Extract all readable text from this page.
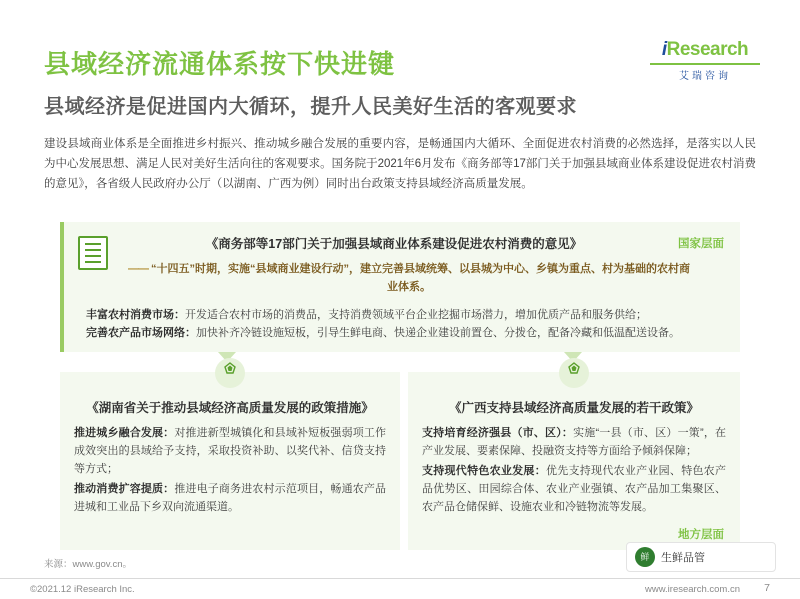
县域经济流通体系按下快进键
县域经济是促进国内大循环，提升人民美好生活的客观要求
iResearch
艾瑞咨询
建设县域商业体系是全面推进乡村振兴、推动城乡融合发展的重要内容，是畅通国内大循环、全面促进农村消费的必然选择，是落实以人民为中心发展思想、满足人民对美好生活向往的客观要求。国务院于2021年6月发布《商务部等17部门关于加强县域商业体系建设促进农村消费的意见》，各省级人民政府办公厅（以湖南、广西为例）同时出台政策支持县域经济高质量发展。
国家层面
《商务部等17部门关于加强县域商业体系建设促进农村消费的意见》
—— “十四五”时期，实施“县域商业建设行动”，建立完善县域统筹、以县城为中心、乡镇为重点、村为基础的农村商业体系。
丰富农村消费市场：开发适合农村市场的消费品，支持消费领域平台企业挖掘市场潜力，增加优质产品和服务供给；
完善农产品市场网络：加快补齐冷链设施短板，引导生鲜电商、快递企业建设前置仓、分拨仓，配备冷藏和低温配送设备。
《湖南省关于推动县域经济高质量发展的政策措施》

推进城乡融合发展：对推进新型城镇化和县域补短板强弱项工作成效突出的县域给予支持，采取投资补助、以奖代补、信贷支持等方式；

推动消费扩容提质：推进电子商务进农村示范项目，畅通农产品进城和工业品下乡双向流通渠道。

《广西支持县域经济高质量发展的若干政策》

支持培育经济强县（市、区）：实施“一县（市、区）一策”，在产业发展、要素保障、投融资支持等方面给予倾斜保障；

支持现代特色农业发展：优先支持现代农业产业园、特色农产品优势区、田园综合体、农业产业强镇、农产品加工集聚区、农产品仓储保鲜、设施农业和冷链物流等发展。

地方层面
来源：www.gov.cn。
鲜	生鲜品管
©2021.12 iResearch Inc.	www.iresearch.com.cn 7
